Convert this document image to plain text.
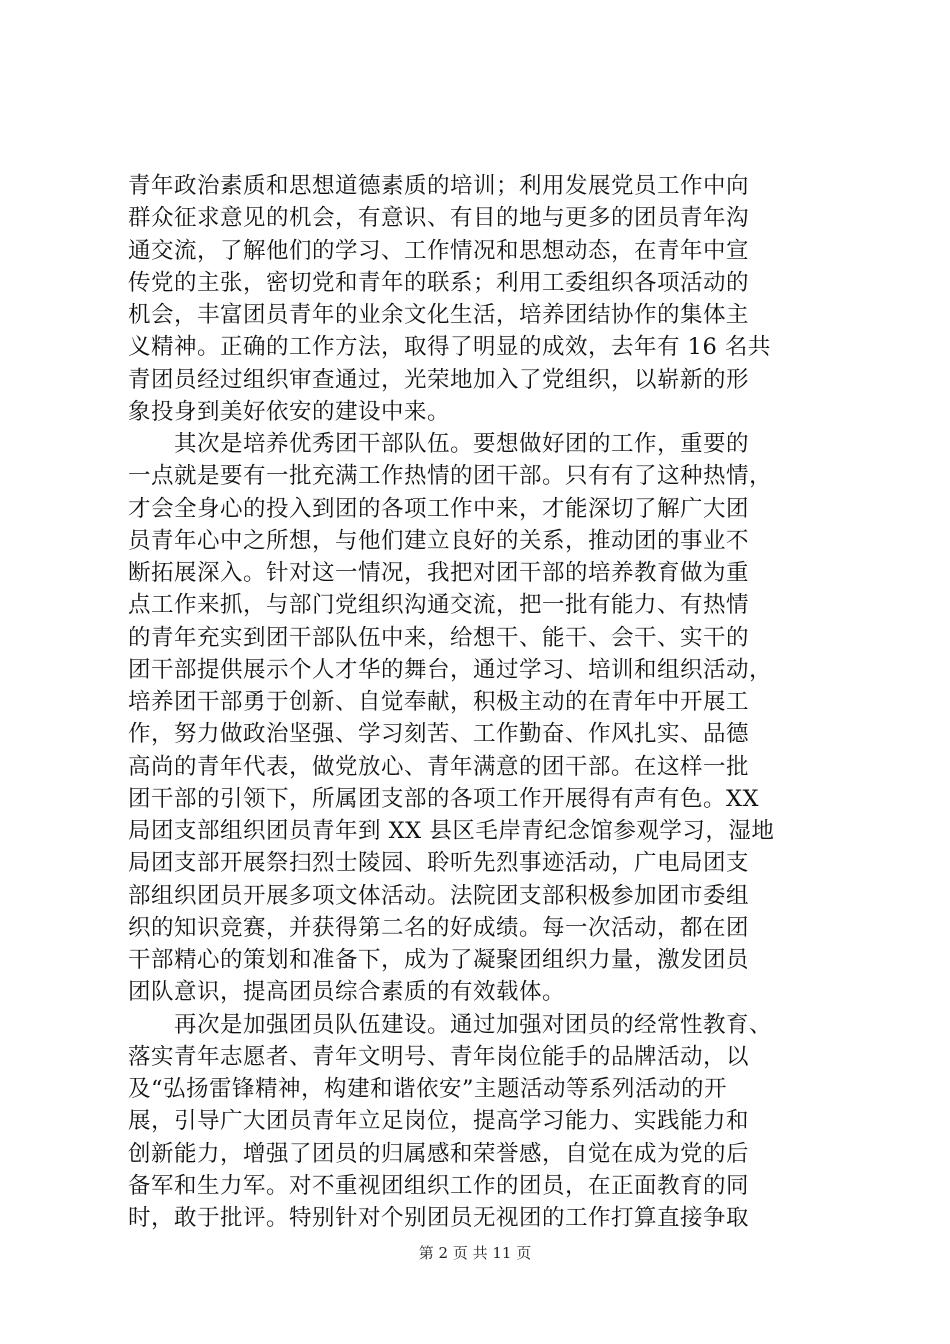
青年政治素质和思想道德素质的培训；利用发展党员工作中向
群众征求意见的机会，有意识、有目的地与更多的团员青年沟
通交流，了解他们的学习、工作情况和思想动态，在青年中宣
传党的主张，密切党和青年的联系；利用工委组织各项活动的
机会，丰富团员青年的业余文化生活，培养团结协作的集体主
义精神。正确的工作方法，取得了明显的成效，去年有 16 名共
青团员经过组织审查通过，光荣地加入了党组织，以崭新的形
象投身到美好依安的建设中来。
　　其次是培养优秀团干部队伍。要想做好团的工作，重要的
一点就是要有一批充满工作热情的团干部。只有有了这种热情，
才会全身心的投入到团的各项工作中来，才能深切了解广大团
员青年心中之所想，与他们建立良好的关系，推动团的事业不
断拓展深入。针对这一情况，我把对团干部的培养教育做为重
点工作来抓，与部门党组织沟通交流，把一批有能力、有热情
的青年充实到团干部队伍中来，给想干、能干、会干、实干的
团干部提供展示个人才华的舞台，通过学习、培训和组织活动，
培养团干部勇于创新、自觉奉献，积极主动的在青年中开展工
作，努力做政治坚强、学习刻苦、工作勤奋、作风扎实、品德
高尚的青年代表，做党放心、青年满意的团干部。在这样一批
团干部的引领下，所属团支部的各项工作开展得有声有色。XX
局团支部组织团员青年到 XX 县区毛岸青纪念馆参观学习，湿地
局团支部开展祭扫烈士陵园、聆听先烈事迹活动，广电局团支
部组织团员开展多项文体活动。法院团支部积极参加团市委组
织的知识竞赛，并获得第二名的好成绩。每一次活动，都在团
干部精心的策划和准备下，成为了凝聚团组织力量，激发团员
团队意识，提高团员综合素质的有效载体。
　　再次是加强团员队伍建设。通过加强对团员的经常性教育、
落实青年志愿者、青年文明号、青年岗位能手的品牌活动，以
及“弘扬雷锋精神，构建和谐依安”主题活动等系列活动的开
展，引导广大团员青年立足岗位，提高学习能力、实践能力和
创新能力，增强了团员的归属感和荣誉感，自觉在成为党的后
备军和生力军。对不重视团组织工作的团员，在正面教育的同
时，敢于批评。特别针对个别团员无视团的工作打算直接争取
第 2 页 共 11 页
